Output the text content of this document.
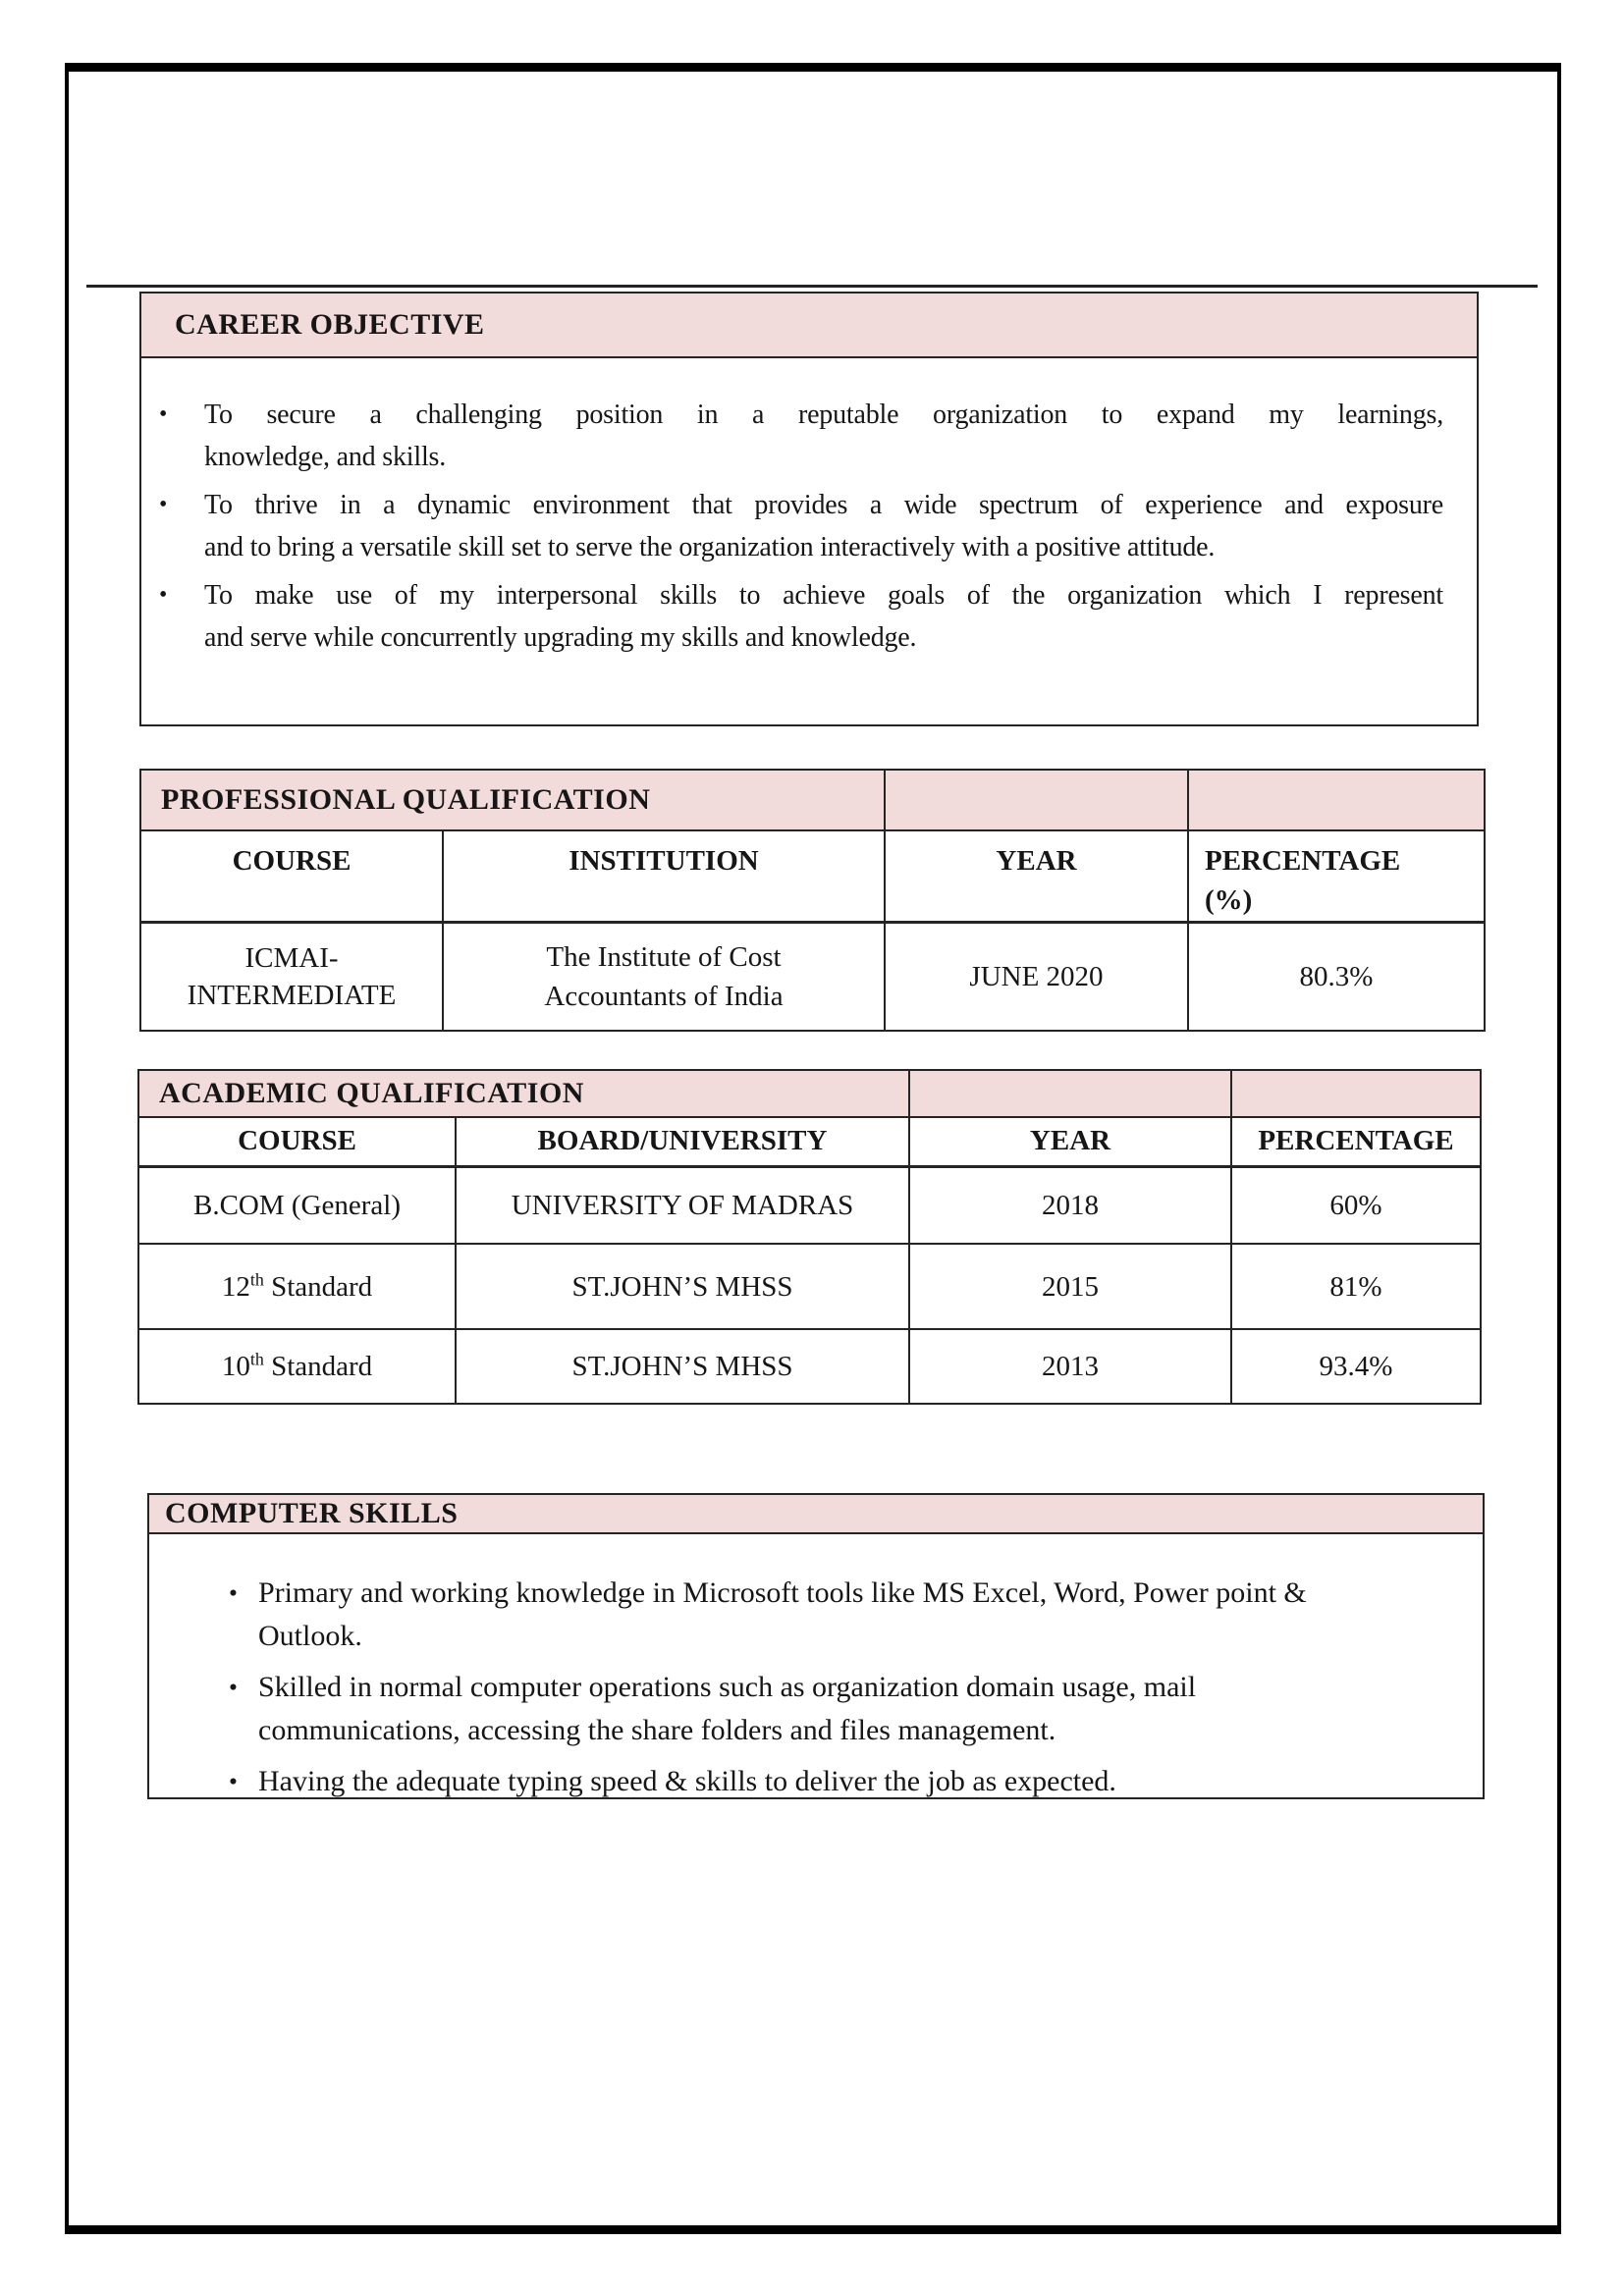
CAREER OBJECTIVE
• To secure a challenging position in a reputable organization to expand my learnings,
knowledge, and skills.
• To thrive in a dynamic environment that provides a wide spectrum of experience and exposure
and to bring a versatile skill set to serve the organization interactively with a positive attitude.
• To make use of my interpersonal skills to achieve goals of the organization which I represent
and serve while concurrently upgrading my skills and knowledge.
PROFESSIONAL QUALIFICATION			
COURSE	INSTITUTION	YEAR	PERCENTAGE
(%)

ICMAI-INTERMEDIATE	The Institute of Cost Accountants of India	JUNE 2020	80.3%
ACADEMIC QUALIFICATION			
COURSE	BOARD/UNIVERSITY	YEAR	PERCENTAGE
B.COM (General)	UNIVERSITY OF MADRAS	2018	60%
12th Standard	ST.JOHN’S MHSS	2015	81%
10th Standard	ST.JOHN’S MHSS	2013	93.4%
COMPUTER SKILLS
• Primary and working knowledge in Microsoft tools like MS Excel, Word, Power point &
Outlook.
• Skilled in normal computer operations such as organization domain usage, mail
communications, accessing the share folders and files management.
• Having the adequate typing speed & skills to deliver the job as expected.
